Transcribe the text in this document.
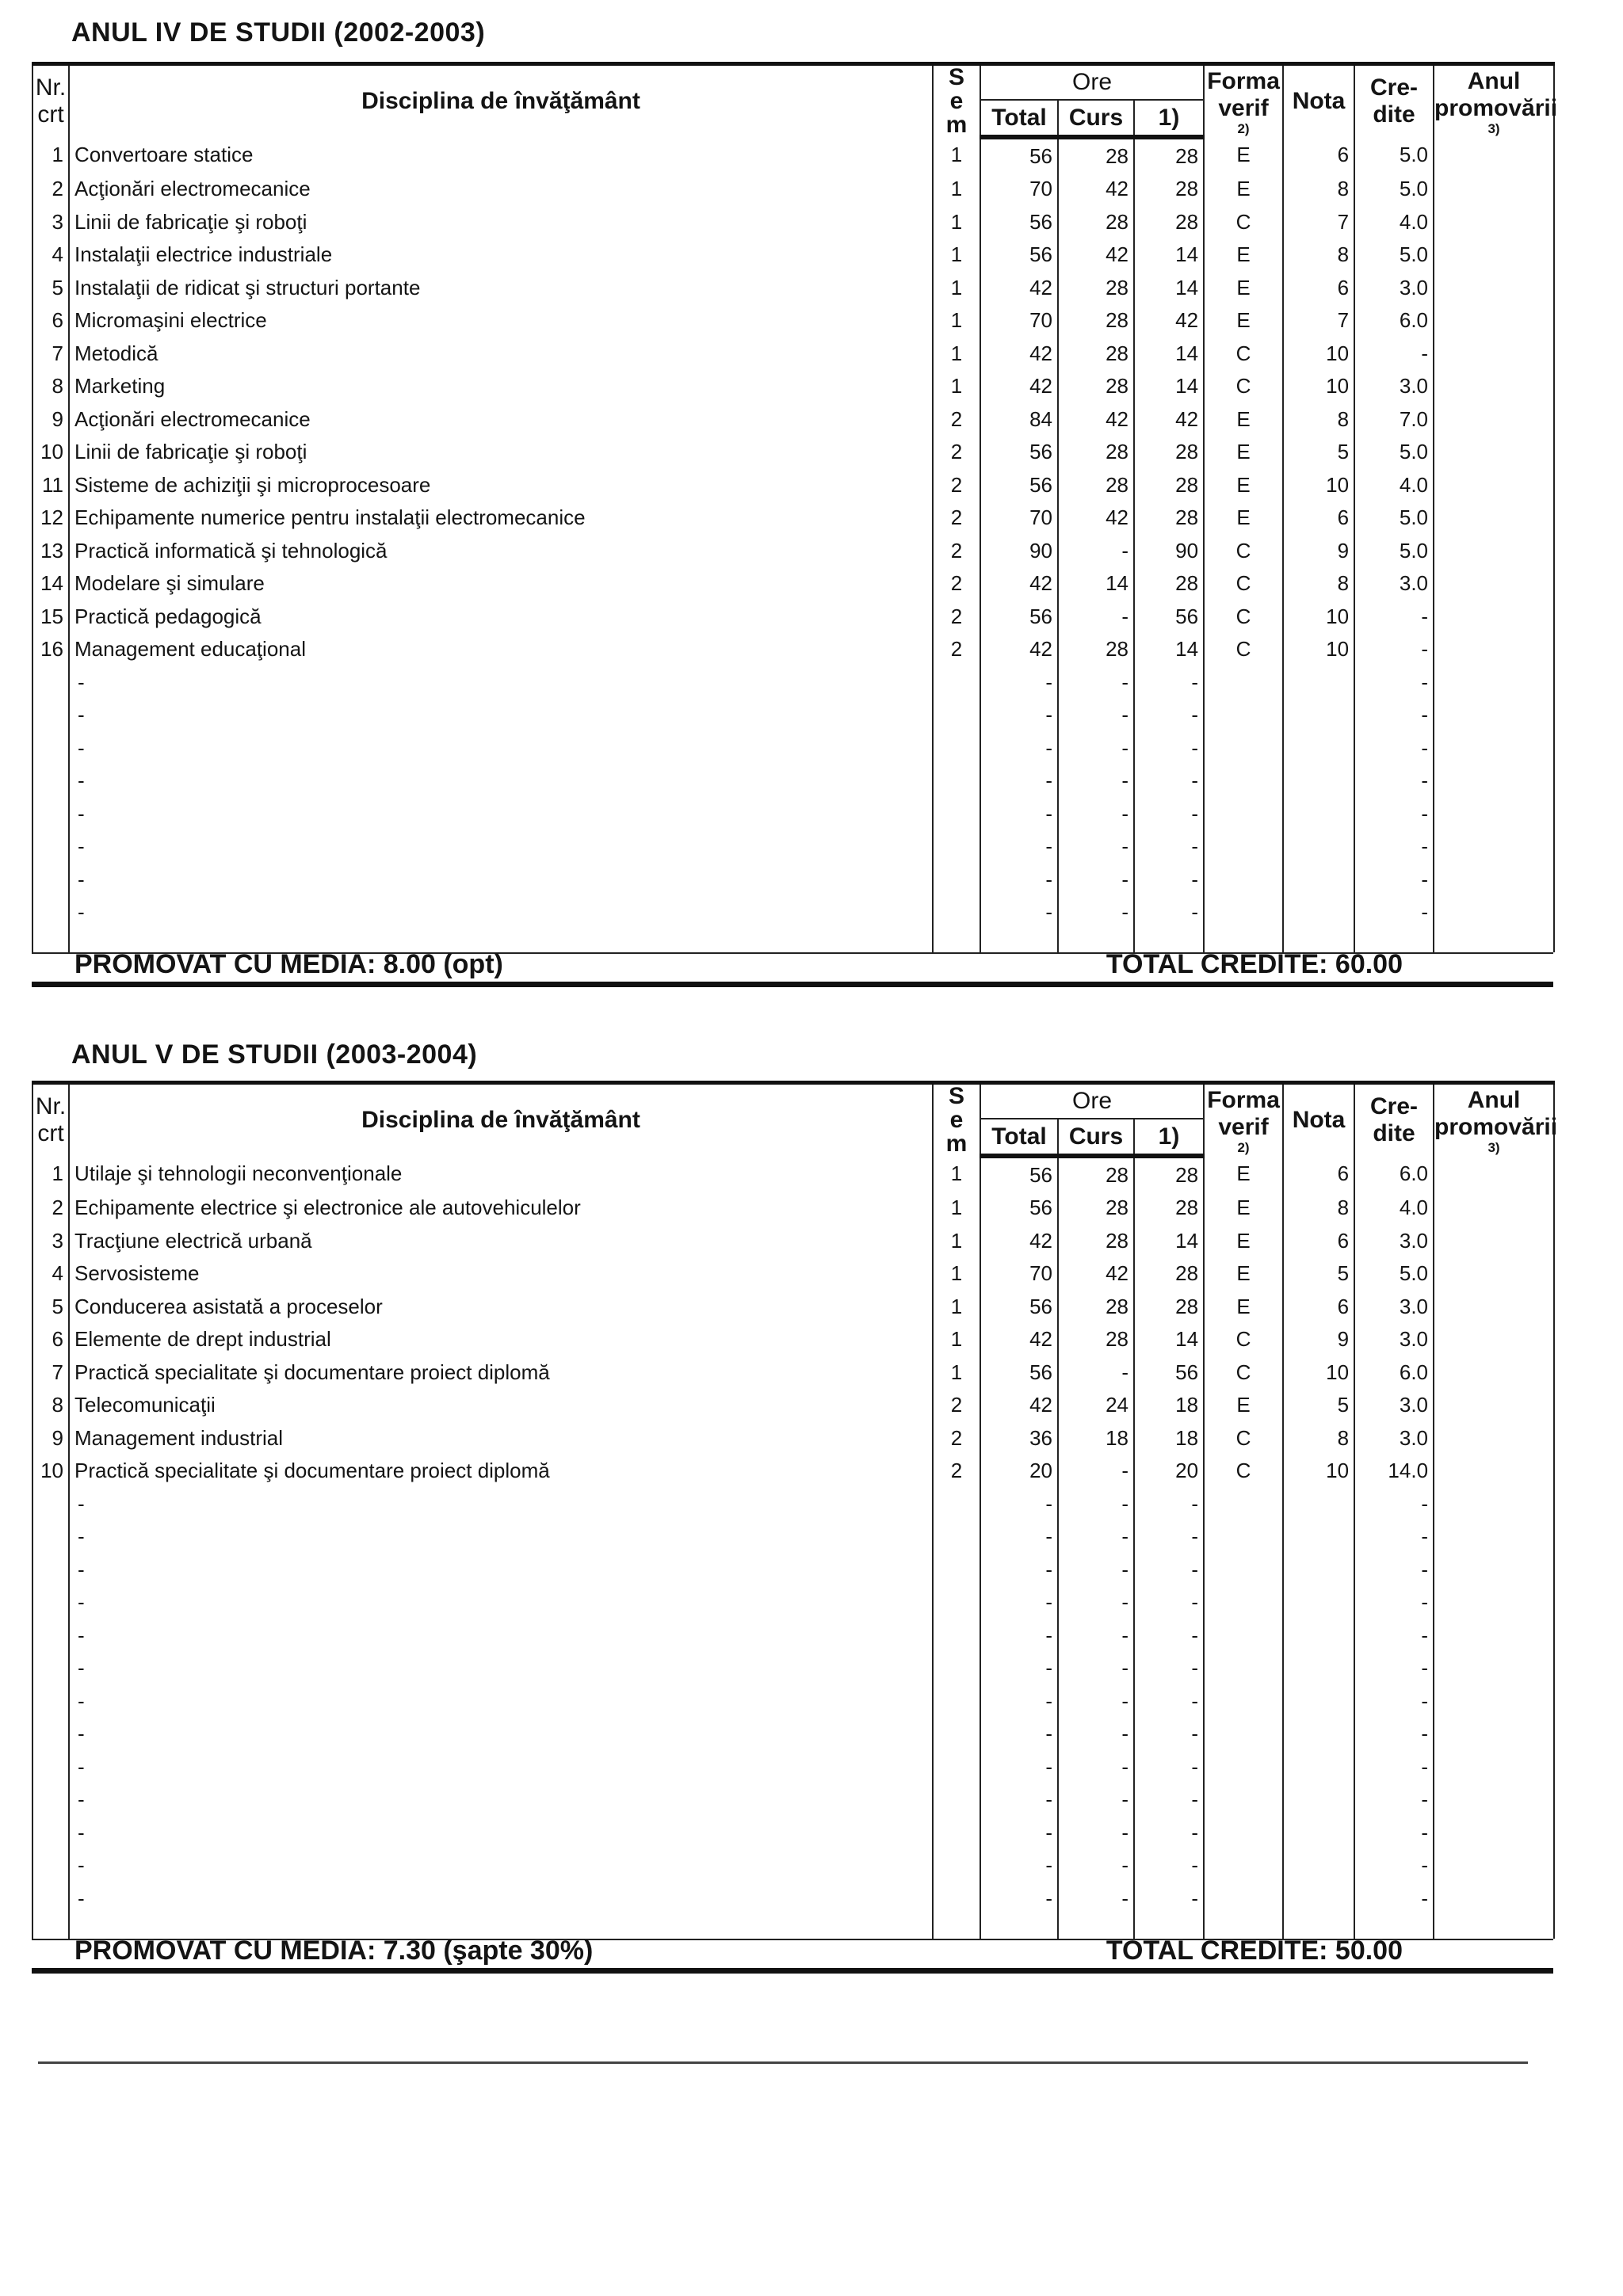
ANUL IV DE STUDII (2002-2003)
Nr.
crt	Disciplina de învăţământ	S
e
m	Ore			Forma
verif
2)	Nota	Cre-
dite	Anul
promovării
3)

			Total	Curs	1)				
1	Convertoare statice	1	56	28	28	E	6	5.0	
2	Acţionări electromecanice	1	70	42	28	E	8	5.0	
3	Linii de fabricaţie şi roboţi	1	56	28	28	C	7	4.0	
4	Instalaţii electrice industriale	1	56	42	14	E	8	5.0	
5	Instalaţii de ridicat şi structuri portante	1	42	28	14	E	6	3.0	
6	Micromaşini electrice	1	70	28	42	E	7	6.0	
7	Metodică	1	42	28	14	C	10	-	
8	Marketing	1	42	28	14	C	10	3.0	
9	Acţionări electromecanice	2	84	42	42	E	8	7.0	
10	Linii de fabricaţie şi roboţi	2	56	28	28	E	5	5.0	
11	Sisteme de achiziţii şi microprocesoare	2	56	28	28	E	10	4.0	
12	Echipamente numerice pentru instalaţii electromecanice	2	70	42	28	E	6	5.0	
13	Practică informatică şi tehnologică	2	90	-	90	C	9	5.0	
14	Modelare şi simulare	2	42	14	28	C	8	3.0	
15	Practică pedagogică	2	56	-	56	C	10	-	
16	Management educaţional	2	42	28	14	C	10	-	
	-		-	-	-			-	
	-		-	-	-			-	
	-		-	-	-			-	
	-		-	-	-			-	
	-		-	-	-			-	
	-		-	-	-			-	
	-		-	-	-			-	
	-		-	-	-			-	

PROMOVAT CU MEDIA: 8.00 (opt)	TOTAL CREDITE: 60.00
ANUL V DE STUDII (2003-2004)
Nr.
crt	Disciplina de învăţământ	S
e
m	Ore			Forma
verif
2)	Nota	Cre-
dite	Anul
promovării
3)

			Total	Curs	1)				
1	Utilaje şi tehnologii neconvenţionale	1	56	28	28	E	6	6.0	
2	Echipamente electrice şi electronice ale autovehiculelor	1	56	28	28	E	8	4.0	
3	Tracţiune electrică urbană	1	42	28	14	E	6	3.0	
4	Servosisteme	1	70	42	28	E	5	5.0	
5	Conducerea asistată a proceselor	1	56	28	28	E	6	3.0	
6	Elemente de drept industrial	1	42	28	14	C	9	3.0	
7	Practică specialitate şi documentare proiect diplomă	1	56	-	56	C	10	6.0	
8	Telecomunicaţii	2	42	24	18	E	5	3.0	
9	Management industrial	2	36	18	18	C	8	3.0	
10	Practică specialitate şi documentare proiect diplomă	2	20	-	20	C	10	14.0	
	-		-	-	-			-	
	-		-	-	-			-	
	-		-	-	-			-	
	-		-	-	-			-	
	-		-	-	-			-	
	-		-	-	-			-	
	-		-	-	-			-	
	-		-	-	-			-	
	-		-	-	-			-	
	-		-	-	-			-	
	-		-	-	-			-	
	-		-	-	-			-	
	-		-	-	-			-	

PROMOVAT CU MEDIA: 7.30 (şapte 30%)	TOTAL CREDITE: 50.00
